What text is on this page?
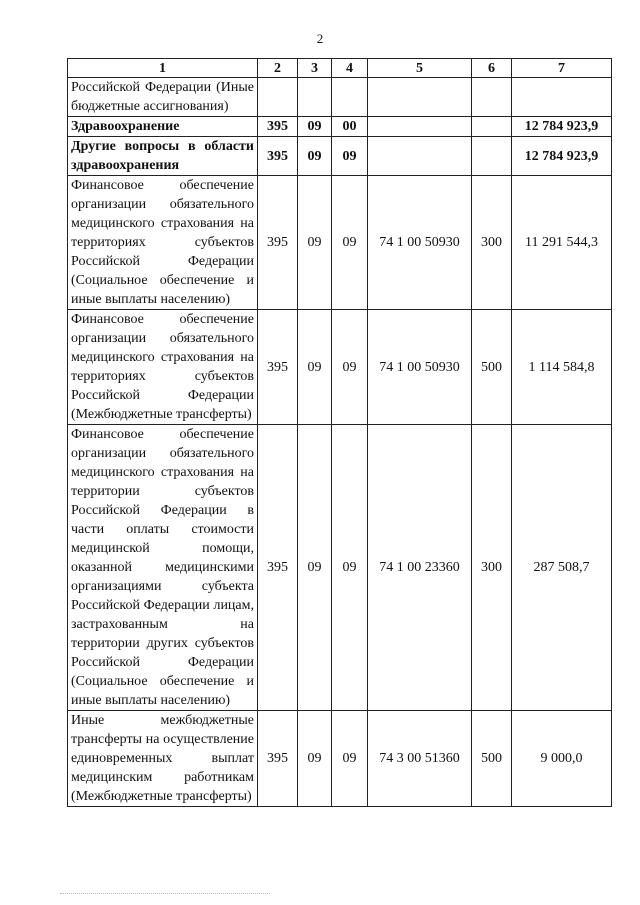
2
1	2	3	4	5	6	7
Российской Федерации (Иные бюджетные ассигнования)						
Здравоохранение	395	09	00			12 784 923,9
Другие вопросы в области здравоохранения	395	09	09			12 784 923,9
Финансовое обеспечение организации обязательного медицинского страхования на территориях субъектов Российской Федерации (Социальное обеспечение и иные выплаты населению)	395	09	09	74 1 00 50930	300	11 291 544,3
Финансовое обеспечение организации обязательного медицинского страхования на территориях субъектов Российской Федерации (Межбюджетные трансферты)	395	09	09	74 1 00 50930	500	1 114 584,8
Финансовое обеспечение организации обязательного медицинского страхования на территории субъектов Российской Федерации в части оплаты стоимости медицинской помощи, оказанной медицинскими организациями субъекта Российской Федерации лицам, застрахованным на территории других субъектов Российской Федерации (Социальное обеспечение и иные выплаты населению)	395	09	09	74 1 00 23360	300	287 508,7
Иные межбюджетные трансферты на осуществление единовременных выплат медицинским работникам (Межбюджетные трансферты)	395	09	09	74 3 00 51360	500	9 000,0
